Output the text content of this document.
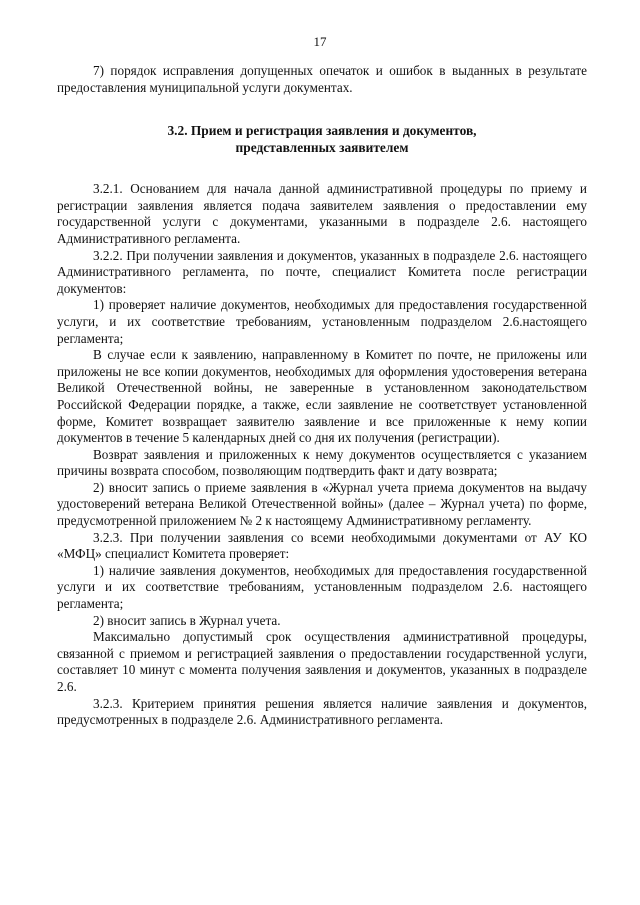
17

7) порядок исправления допущенных опечаток и ошибок в выданных в результате предоставления муниципальной услуги документах.

3.2. Прием и регистрация заявления и документов,
представленных заявителем

3.2.1. Основанием для начала данной административной процедуры по приему и регистрации заявления является подача заявителем заявления о предоставлении ему государственной услуги с документами, указанными в подразделе 2.6. настоящего Административного регламента.

3.2.2. При получении заявления и документов, указанных в подразделе 2.6. настоящего Административного регламента, по почте, специалист Комитета после регистрации документов:

1) проверяет наличие документов, необходимых для предоставления государственной услуги, и их соответствие требованиям, установленным подразделом 2.6.настоящего регламента;

В случае если к заявлению, направленному в Комитет по почте, не приложены или приложены не все копии документов, необходимых для оформления удостоверения ветерана Великой Отечественной войны, не заверенные в установленном законодательством Российской Федерации порядке, а также, если заявление не соответствует установленной форме, Комитет возвращает заявителю заявление и все приложенные к нему копии документов в течение 5 календарных дней со дня их получения (регистрации).

Возврат заявления и приложенных к нему документов осуществляется с указанием причины возврата способом, позволяющим подтвердить факт и дату возврата;

2) вносит запись о приеме заявления в «Журнал учета приема документов на выдачу удостоверений ветерана Великой Отечественной войны» (далее – Журнал учета) по форме, предусмотренной приложением № 2 к настоящему Административному регламенту.

3.2.3. При получении заявления со всеми необходимыми документами от АУ КО «МФЦ» специалист Комитета проверяет:

1) наличие заявления документов, необходимых для предоставления государственной услуги и их соответствие требованиям, установленным подразделом 2.6. настоящего регламента;

2) вносит запись в Журнал учета.

Максимально допустимый срок осуществления административной процедуры, связанной с приемом и регистрацией заявления о предоставлении государственной услуги, составляет 10 минут с момента получения заявления и документов, указанных в подразделе 2.6.

3.2.3. Критерием принятия решения является наличие заявления и документов, предусмотренных в подразделе 2.6. Административного регламента.
